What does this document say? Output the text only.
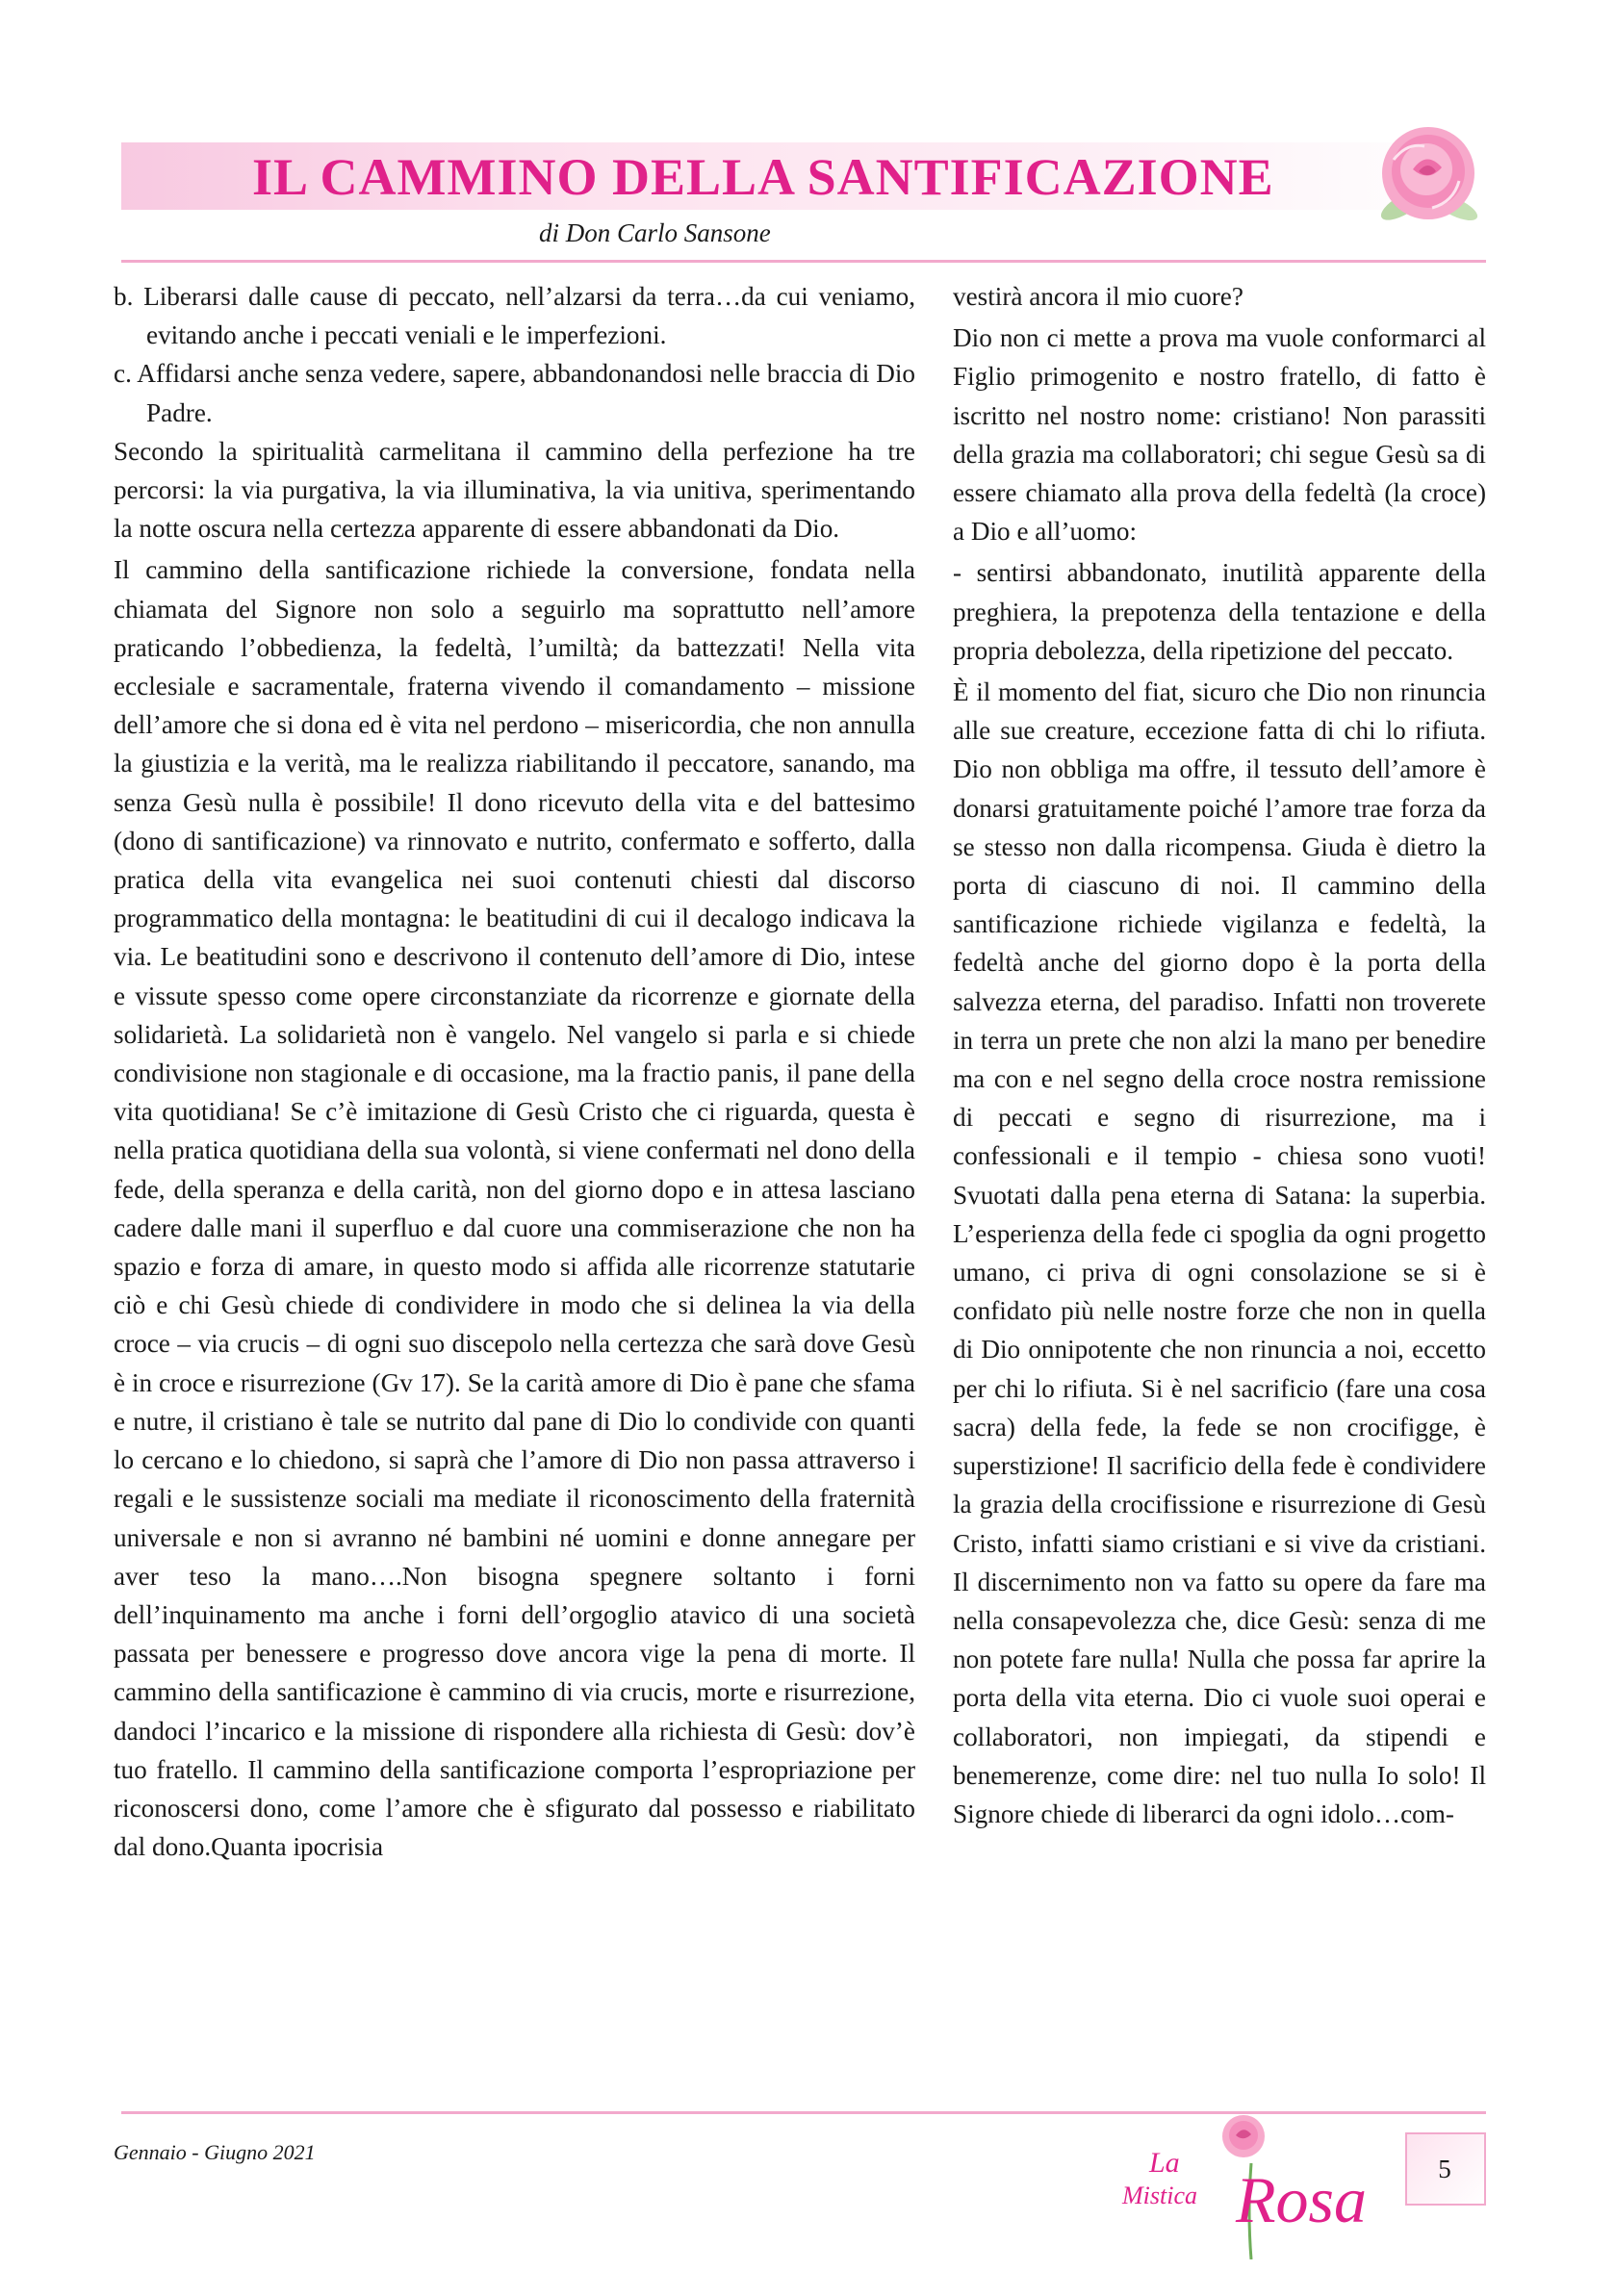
IL CAMMINO DELLA SANTIFICAZIONE
di Don Carlo Sansone

b. Liberarsi dalle cause di peccato, nell’alzarsi da terra…da cui veniamo, evitando anche i peccati veniali e le imperfezioni.

c. Affidarsi anche senza vedere, sapere, abbandonandosi nelle braccia di Dio Padre.

Secondo la spiritualità carmelitana il cammino della perfezione ha tre percorsi: la via purgativa, la via illuminativa, la via unitiva, sperimentando la notte oscura nella certezza apparente di essere abbandonati da Dio.

Il cammino della santificazione richiede la conversione, fondata nella chiamata del Signore non solo a seguirlo ma soprattutto nell’amore praticando l’obbedienza, la fedeltà, l’umiltà; da battezzati! Nella vita ecclesiale e sacramentale, fraterna vivendo il comandamento – missione dell’amore che si dona ed è vita nel perdono – misericordia, che non annulla la giustizia e la verità, ma le realizza riabilitando il peccatore, sanando, ma senza Gesù nulla è possibile! Il dono ricevuto della vita e del battesimo (dono di santificazione) va rinnovato e nutrito, confermato e sofferto, dalla pratica della vita evangelica nei suoi contenuti chiesti dal discorso programmatico della montagna: le beatitudini di cui il decalogo indicava la via. Le beatitudini sono e descrivono il contenuto dell’amore di Dio, intese e vissute spesso come opere circonstanziate da ricorrenze e giornate della solidarietà. La solidarietà non è vangelo. Nel vangelo si parla e si chiede condivisione non stagionale e di occasione, ma la fractio panis, il pane della vita quotidiana! Se c’è imitazione di Gesù Cristo che ci riguarda, questa è nella pratica quotidiana della sua volontà, si viene confermati nel dono della fede, della speranza e della carità, non del giorno dopo e in attesa lasciano cadere dalle mani il superfluo e dal cuore una commiserazione che non ha spazio e forza di amare, in questo modo si affida alle ricorrenze statutarie ciò e chi Gesù chiede di condividere in modo che si delinea la via della croce – via crucis – di ogni suo discepolo nella certezza che sarà dove Gesù è in croce e risurrezione (Gv 17). Se la carità amore di Dio è pane che sfama e nutre, il cristiano è tale se nutrito dal pane di Dio lo condivide con quanti lo cercano e lo chiedono, si saprà che l’amore di Dio non passa attraverso i regali e le sussistenze sociali ma mediate il riconoscimento della fraternità universale e non si avranno né bambini né uomini e donne annegare per aver teso la mano….Non bisogna spegnere soltanto i forni dell’inquinamento ma anche i forni dell’orgoglio atavico di una società passata per benessere e progresso dove ancora vige la pena di morte. Il cammino della santificazione è cammino di via crucis, morte e risurrezione, dandoci l’incarico e la missione di rispondere alla richiesta di Gesù: dov’è tuo fratello. Il cammino della santificazione comporta l’espropriazione per riconoscersi dono, come l’amore che è sfigurato dal possesso e riabilitato dal dono.Quanta ipocrisia

vestirà ancora il mio cuore?

Dio non ci mette a prova ma vuole conformarci al Figlio primogenito e nostro fratello, di fatto è iscritto nel nostro nome: cristiano! Non parassiti della grazia ma collaboratori; chi segue Gesù sa di essere chiamato alla prova della fedeltà (la croce) a Dio e all’uomo:

- sentirsi abbandonato, inutilità apparente della preghiera, la prepotenza della tentazione e della propria debolezza, della ripetizione del peccato.

È il momento del fiat, sicuro che Dio non rinuncia alle sue creature, eccezione fatta di chi lo rifiuta. Dio non obbliga ma offre, il tessuto dell’amore è donarsi gratuitamente poiché l’amore trae forza da se stesso non dalla ricompensa. Giuda è dietro la porta di ciascuno di noi. Il cammino della santificazione richiede vigilanza e fedeltà, la fedeltà anche del giorno dopo è la porta della salvezza eterna, del paradiso. Infatti non troverete in terra un prete che non alzi la mano per benedire ma con e nel segno della croce nostra remissione di peccati e segno di risurrezione, ma i confessionali e il tempio - chiesa sono vuoti! Svuotati dalla pena eterna di Satana: la superbia. L’esperienza della fede ci spoglia da ogni progetto umano, ci priva di ogni consolazione se si è confidato più nelle nostre forze che non in quella di Dio onnipotente che non rinuncia a noi, eccetto per chi lo rifiuta. Si è nel sacrificio (fare una cosa sacra) della fede, la fede se non crocifigge, è superstizione! Il sacrificio della fede è condividere la grazia della crocifissione e risurrezione di Gesù Cristo, infatti siamo cristiani e si vive da cristiani. Il discernimento non va fatto su opere da fare ma nella consapevolezza che, dice Gesù: senza di me non potete fare nulla! Nulla che possa far aprire la porta della vita eterna. Dio ci vuole suoi operai e collaboratori, non impiegati, da stipendi e benemerenze, come dire: nel tuo nulla Io solo! Il Signore chiede di liberarci da ogni idolo…com-

Gennaio - Giugno 2021	La
Mistica Rosa	5
